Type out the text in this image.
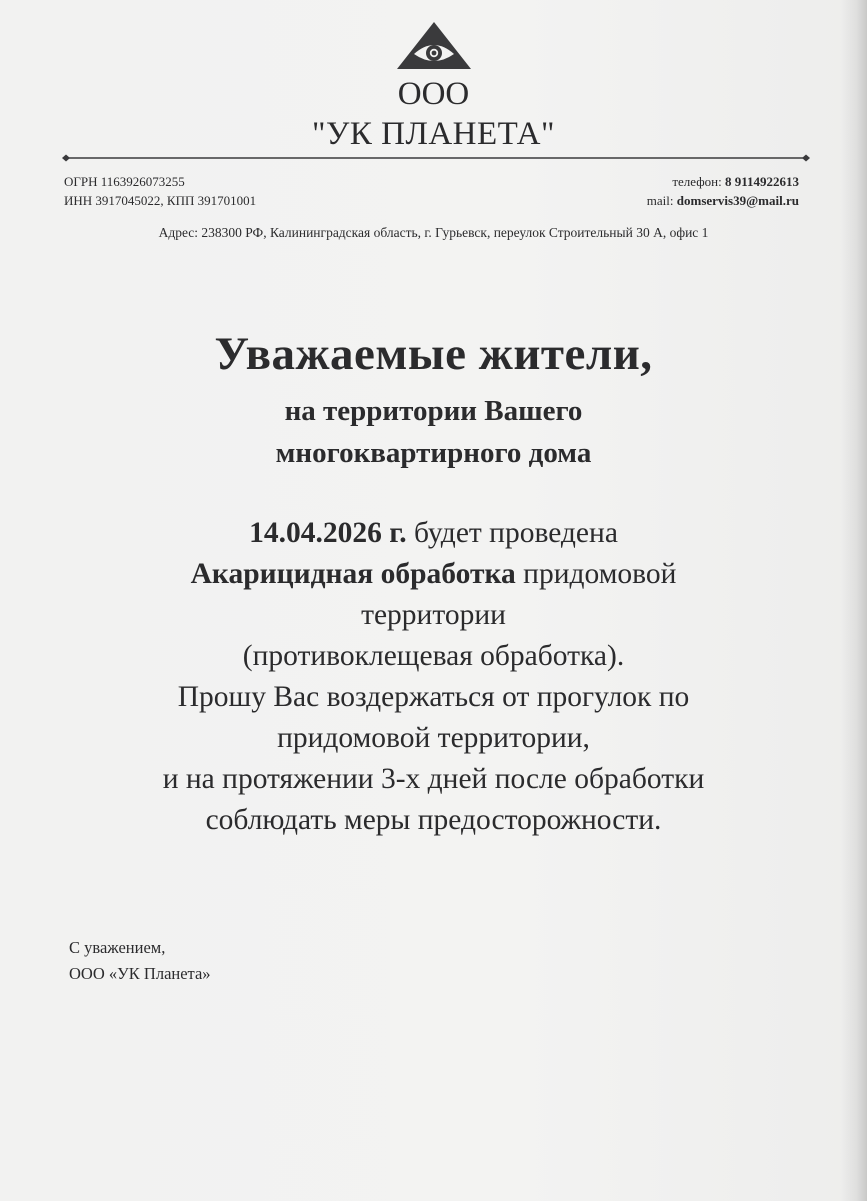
ООО
"УК ПЛАНЕТА"
ОГРН 1163926073255
ИНН 3917045022, КПП 391701001
телефон: 8 9114922613
mail: domservis39@mail.ru
Адрес: 238300 РФ, Калининградская область, г. Гурьевск, переулок Строительный 30 А, офис 1
Уважаемые жители,
на территории Вашего
многоквартирного дома
14.04.2026 г. будет проведена
Акарицидная обработка придомовой
территории
(противоклещевая обработка).
Прошу Вас воздержаться от прогулок по
придомовой территории,
и на протяжении 3-х дней после обработки
соблюдать меры предосторожности.
С уважением,
ООО «УК Планета»
